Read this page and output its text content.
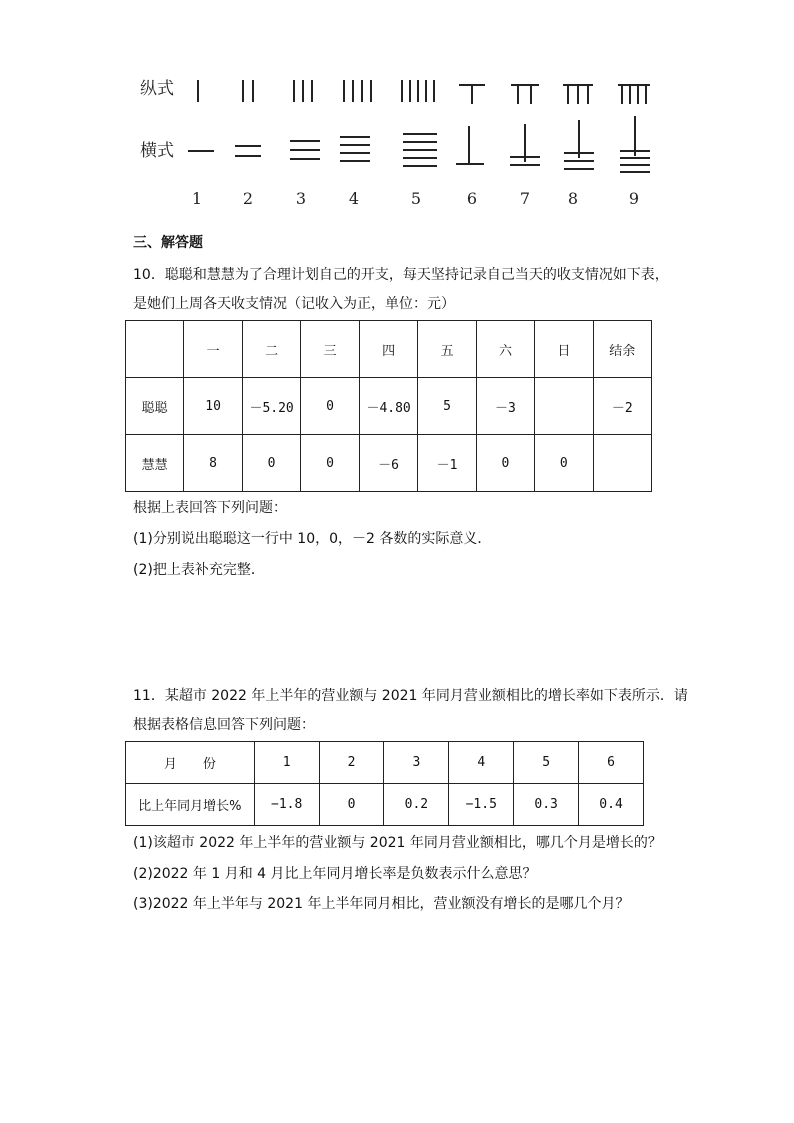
纵式
横式
1	2	3	4	5	6	7	8	9
三、解答题
10．聪聪和慧慧为了合理计划自己的开支，每天坚持记录自己当天的收支情况如下表，
是她们上周各天收支情况（记收入为正，单位：元）
	一	二	三	四	五	六	日	结余
聪聪	10	－5.20	0	－4.80	5	－3		－2
慧慧	8	0	0	－6	－1	0	0	
根据上表回答下列问题：
(1)分别说出聪聪这一行中 10，0，－2 各数的实际意义．
(2)把上表补充完整．
11．某超市 2022 年上半年的营业额与 2021 年同月营业额相比的增长率如下表所示．请
根据表格信息回答下列问题：
月　　份	1	2	3	4	5	6
比上年同月增长%	−1.8	0	0.2	−1.5	0.3	0.4
(1)该超市 2022 年上半年的营业额与 2021 年同月营业额相比，哪几个月是增长的？
(2)2022 年 1 月和 4 月比上年同月增长率是负数表示什么意思？
(3)2022 年上半年与 2021 年上半年同月相比，营业额没有增长的是哪几个月？
